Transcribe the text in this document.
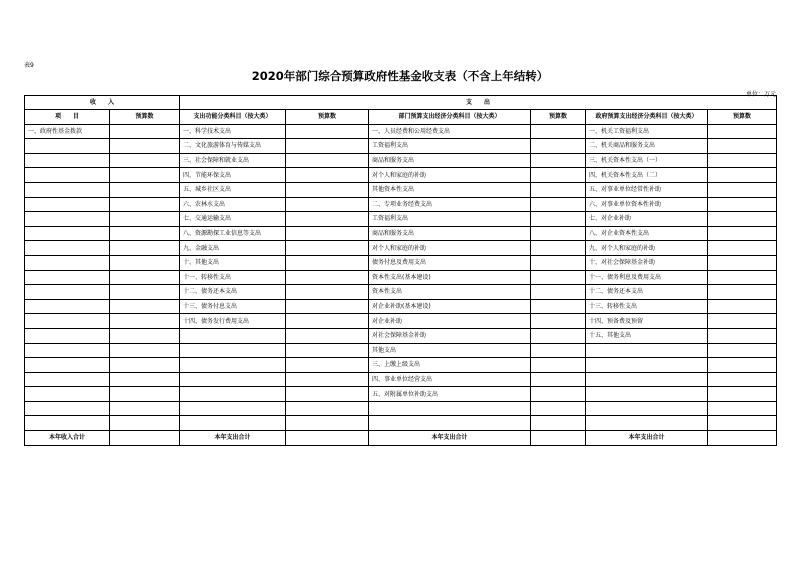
表9
2020年部门综合预算政府性基金收支表（不含上年结转）
单位：万元
收　　入		支　　出					
项　　目	预算数	支出功能分类科目（按大类）	预算数	部门预算支出经济分类科目（按大类）	预算数	政府预算支出经济分类科目（按大类）	预算数
一、政府性基金拨款		一、科学技术支出		一、人员经费和公用经费支出		一、机关工资福利支出	
		二、文化旅游体育与传媒支出		工资福利支出		二、机关商品和服务支出	
		三、社会保障和就业支出		商品和服务支出		三、机关资本性支出（一）	
		四、节能环保支出		对个人和家庭的补助		四、机关资本性支出（二）	
		五、城乡社区支出		其他资本性支出		五、对事业单位经常性补助	
		六、农林水支出		二、专项业务经费支出		六、对事业单位资本性补助	
		七、交通运输支出		工资福利支出		七、对企业补助	
		八、资源勘探工业信息等支出		商品和服务支出		八、对企业资本性支出	
		九、金融支出		对个人和家庭的补助		九、对个人和家庭的补助	
		十、其他支出		债务付息及费用支出		十、对社会保障基金补助	
		十一、转移性支出		资本性支出(基本建设)		十一、债务利息及费用支出	
		十二、债务还本支出		资本性支出		十二、债务还本支出	
		十三、债务付息支出		对企业补助(基本建设)		十三、转移性支出	
		十四、债务发行费用支出		对企业补助		十四、预备费及预留	
				对社会保障基金补助		十五、其他支出	
				其他支出			
				三、上缴上级支出			
				四、事业单位经营支出			
				五、对附属单位补助支出			

本年收入合计		本年支出合计		本年支出合计		本年支出合计	
